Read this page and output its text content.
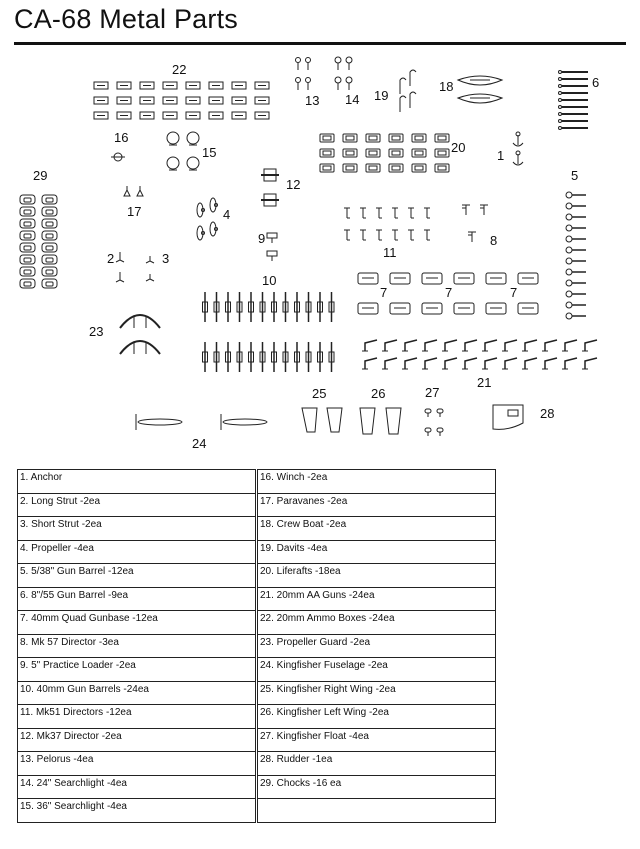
CA-68 Metal Parts
1
2	3
4
5
6
7
8
9
10
11
12
13 14
15
16
17
18
19
20
21
22
23
24
25	26	27
28
29
7	7
1. Anchor
2. Long Strut -2ea
3. Short Strut -2ea
4. Propeller -4ea
5. 5/38" Gun Barrel -12ea
6. 8"/55 Gun Barrel -9ea
7. 40mm Quad Gunbase -12ea
8. Mk 57 Director -3ea
9. 5" Practice Loader -2ea
10. 40mm Gun Barrels -24ea
11. Mk51 Directors -12ea
12. Mk37 Director -2ea
13. Pelorus -4ea
14. 24" Searchlight -4ea
15. 36" Searchlight -4ea
16. Winch -2ea
17. Paravanes -2ea
18. Crew Boat -2ea
19. Davits -4ea
20. Liferafts -18ea
21. 20mm AA Guns -24ea
22. 20mm Ammo Boxes -24ea
23. Propeller Guard -2ea
24. Kingfisher Fuselage -2ea
25. Kingfisher Right Wing -2ea
26. Kingfisher Left Wing -2ea
27. Kingfisher Float -4ea
28. Rudder -1ea
29. Chocks -16 ea
